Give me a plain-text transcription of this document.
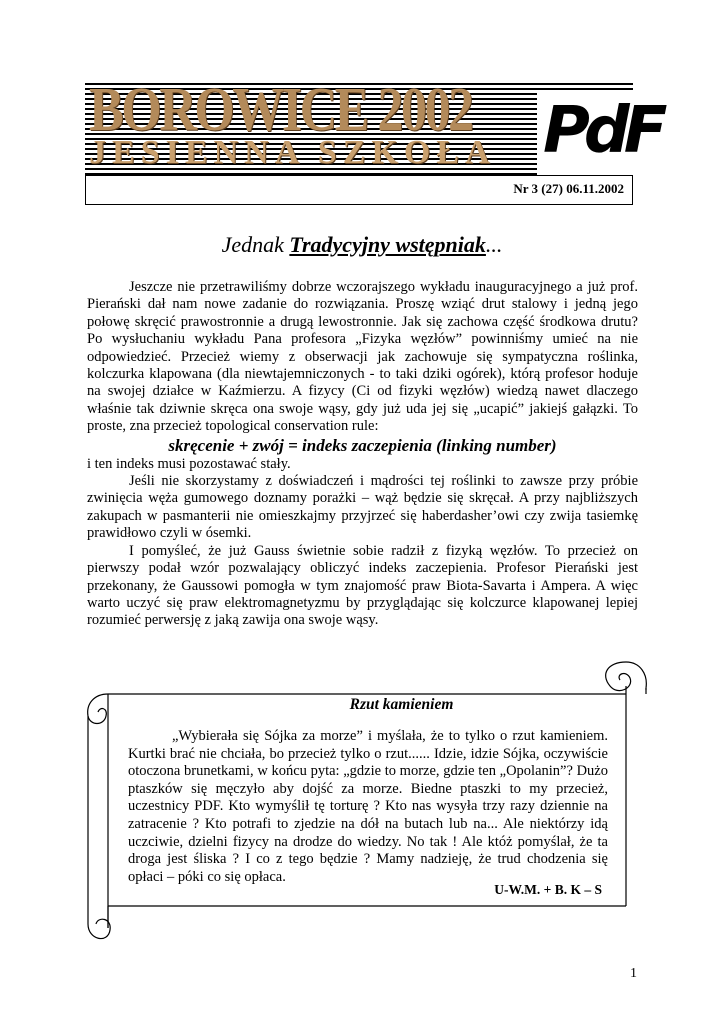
BOROWICE 2002
JESIENNA SZKOŁA PdF
Nr 3 (27) 06.11.2002
Jednak Tradycyjny wstępniak...

Jeszcze nie przetrawiliśmy dobrze wczorajszego wykładu inauguracyjnego a już prof. Pierański dał nam nowe zadanie do rozwiązania. Proszę wziąć drut stalowy i jedną jego połowę skręcić prawostronnie a drugą lewostronnie. Jak się zachowa część środkowa drutu? Po wysłuchaniu wykładu Pana profesora „Fizyka węzłów” powinniśmy umieć na nie odpowiedzieć. Przecież wiemy z obserwacji jak zachowuje się sympatyczna roślinka, kolczurka klapowana (dla niewtajemniczonych - to taki dziki ogórek), którą profesor hoduje na swojej działce w Kaźmierzu. A fizycy (Ci od fizyki węzłów) wiedzą nawet dlaczego właśnie tak dziwnie skręca ona swoje wąsy, gdy już uda jej się „ucapić” jakiejś gałązki. To proste, zna przecież topological conservation rule:

skręcenie + zwój = indeks zaczepienia (linking number)

i ten indeks musi pozostawać stały.

Jeśli nie skorzystamy z doświadczeń i mądrości tej roślinki to zawsze przy próbie zwinięcia węża gumowego doznamy porażki – wąż będzie się skręcał. A przy najbliższych zakupach w pasmanterii nie omieszkajmy przyjrzeć się haberdasher’owi czy zwija tasiemkę prawidłowo czyli w ósemki.

I pomyśleć, że już Gauss świetnie sobie radził z fizyką węzłów. To przecież on pierwszy podał wzór pozwalający obliczyć indeks zaczepienia. Profesor Pierański jest przekonany, że Gaussowi pomogła w tym znajomość praw Biota-Savarta i Ampera. A więc warto uczyć się praw elektromagnetyzmu by przyglądając się kolczurce klapowanej lepiej rozumieć perwersję z jaką zawija ona swoje wąsy.

Rzut kamieniem

„Wybierała się Sójka za morze” i myślała, że to tylko o rzut kamieniem. Kurtki brać nie chciała, bo przecież tylko o rzut...... Idzie, idzie Sójka, oczywiście otoczona brunetkami, w końcu pyta: „gdzie to morze, gdzie ten „Opolanin”? Dużo ptaszków się męczyło aby dojść za morze. Biedne ptaszki to my przecież, uczestnicy PDF. Kto wymyślił tę torturę ? Kto nas wysyła trzy razy dziennie na zatracenie ? Kto potrafi to zjedzie na dół na butach lub na... Ale niektórzy idą uczciwie, dzielni fizycy na drodze do wiedzy. No tak ! Ale któż pomyślał, że ta droga jest śliska ? I co z tego będzie ? Mamy nadzieję, że trud chodzenia się opłaci – póki co się opłaca.

U-W.M. + B. K – S
1
